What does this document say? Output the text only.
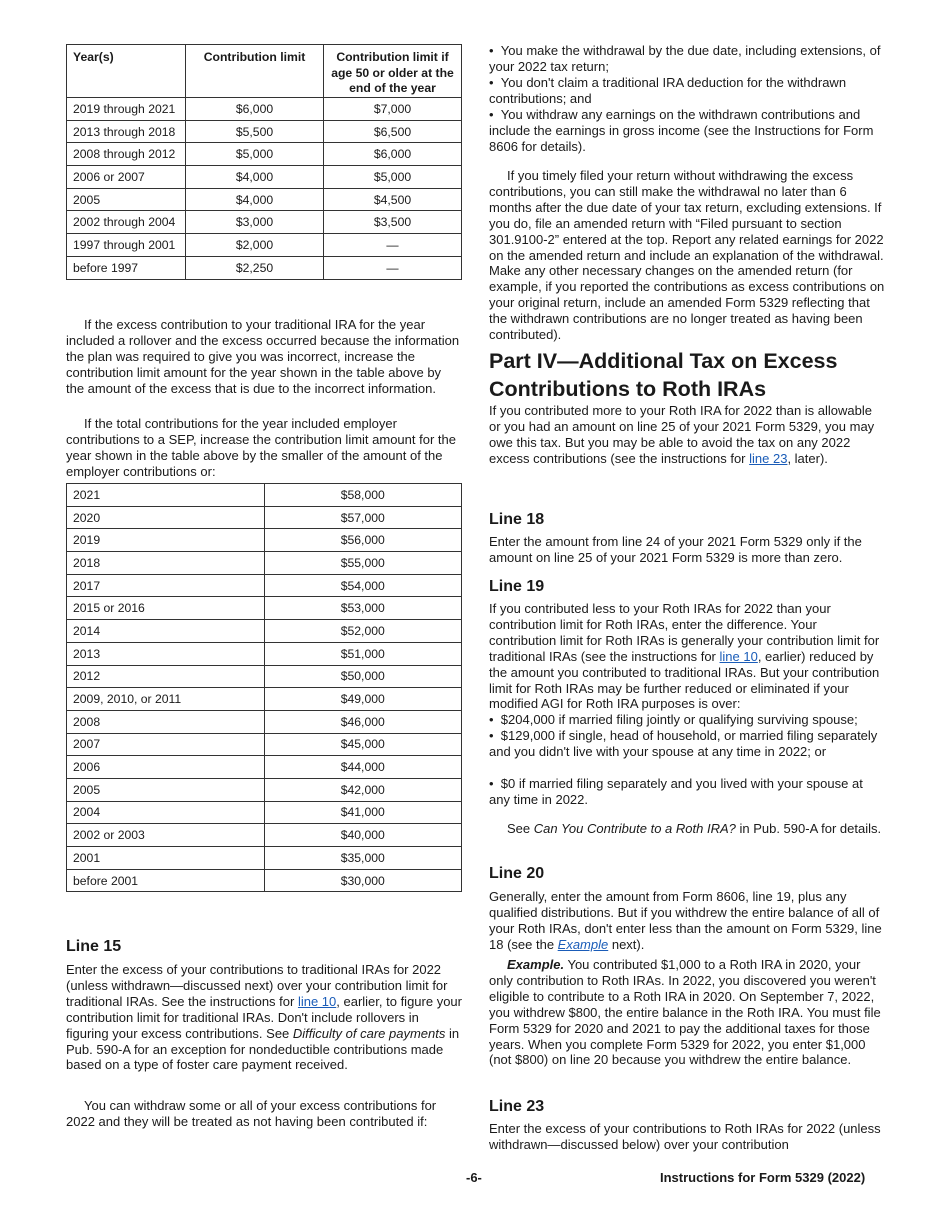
Year(s)	Contribution limit	Contribution limit if age 50 or older at the end of the year
2019 through 2021	$6,000	$7,000
2013 through 2018	$5,500	$6,500
2008 through 2012	$5,000	$6,000
2006 or 2007	$4,000	$5,000
2005	$4,000	$4,500
2002 through 2004	$3,000	$3,500
1997 through 2001	$2,000	—
before 1997	$2,250	—

If the excess contribution to your traditional IRA for the year included a rollover and the excess occurred because the information the plan was required to give you was incorrect, increase the contribution limit amount for the year shown in the table above by the amount of the excess that is due to the incorrect information.

If the total contributions for the year included employer contributions to a SEP, increase the contribution limit amount for the year shown in the table above by the smaller of the amount of the employer contributions or:

2021	$58,000
2020	$57,000
2019	$56,000
2018	$55,000
2017	$54,000
2015 or 2016	$53,000
2014	$52,000
2013	$51,000
2012	$50,000
2009, 2010, or 2011	$49,000
2008	$46,000
2007	$45,000
2006	$44,000
2005	$42,000
2004	$41,000
2002 or 2003	$40,000
2001	$35,000
before 2001	$30,000
Line 15

Enter the excess of your contributions to traditional IRAs for 2022 (unless withdrawn—discussed next) over your contribution limit for traditional IRAs. See the instructions for line 10, earlier, to figure your contribution limit for traditional IRAs. Don't include rollovers in figuring your excess contributions. See Difficulty of care payments in Pub. 590-A for an exception for nondeductible contributions made based on a type of foster care payment received.

You can withdraw some or all of your excess contributions for 2022 and they will be treated as not having been contributed if:

•  You make the withdrawal by the due date, including extensions, of your 2022 tax return;

•  You don't claim a traditional IRA deduction for the withdrawn contributions; and

•  You withdraw any earnings on the withdrawn contributions and include the earnings in gross income (see the Instructions for Form 8606 for details).

If you timely filed your return without withdrawing the excess contributions, you can still make the withdrawal no later than 6 months after the due date of your tax return, excluding extensions. If you do, file an amended return with “Filed pursuant to section 301.9100-2” entered at the top. Report any related earnings for 2022 on the amended return and include an explanation of the withdrawal. Make any other necessary changes on the amended return (for example, if you reported the contributions as excess contributions on your original return, include an amended Form 5329 reflecting that the withdrawn contributions are no longer treated as having been contributed).

Part IV—Additional Tax on Excess Contributions to Roth IRAs

If you contributed more to your Roth IRA for 2022 than is allowable or you had an amount on line 25 of your 2021 Form 5329, you may owe this tax. But you may be able to avoid the tax on any 2022 excess contributions (see the instructions for line 23, later).

Line 18

Enter the amount from line 24 of your 2021 Form 5329 only if the amount on line 25 of your 2021 Form 5329 is more than zero.

Line 19

If you contributed less to your Roth IRAs for 2022 than your contribution limit for Roth IRAs, enter the difference. Your contribution limit for Roth IRAs is generally your contribution limit for traditional IRAs (see the instructions for line 10, earlier) reduced by the amount you contributed to traditional IRAs. But your contribution limit for Roth IRAs may be further reduced or eliminated if your modified AGI for Roth IRA purposes is over:

•  $204,000 if married filing jointly or qualifying surviving spouse;

•  $129,000 if single, head of household, or married filing separately and you didn't live with your spouse at any time in 2022; or

•  $0 if married filing separately and you lived with your spouse at any time in 2022.

See Can You Contribute to a Roth IRA? in Pub. 590-A for details.

Line 20

Generally, enter the amount from Form 8606, line 19, plus any qualified distributions. But if you withdrew the entire balance of all of your Roth IRAs, don't enter less than the amount on Form 5329, line 18 (see the Example next).

Example. You contributed $1,000 to a Roth IRA in 2020, your only contribution to Roth IRAs. In 2022, you discovered you weren't eligible to contribute to a Roth IRA in 2020. On September 7, 2022, you withdrew $800, the entire balance in the Roth IRA. You must file Form 5329 for 2020 and 2021 to pay the additional taxes for those years. When you complete Form 5329 for 2022, you enter $1,000 (not $800) on line 20 because you withdrew the entire balance.

Line 23

Enter the excess of your contributions to Roth IRAs for 2022 (unless withdrawn—discussed below) over your contribution

-6-	Instructions for Form 5329 (2022)
